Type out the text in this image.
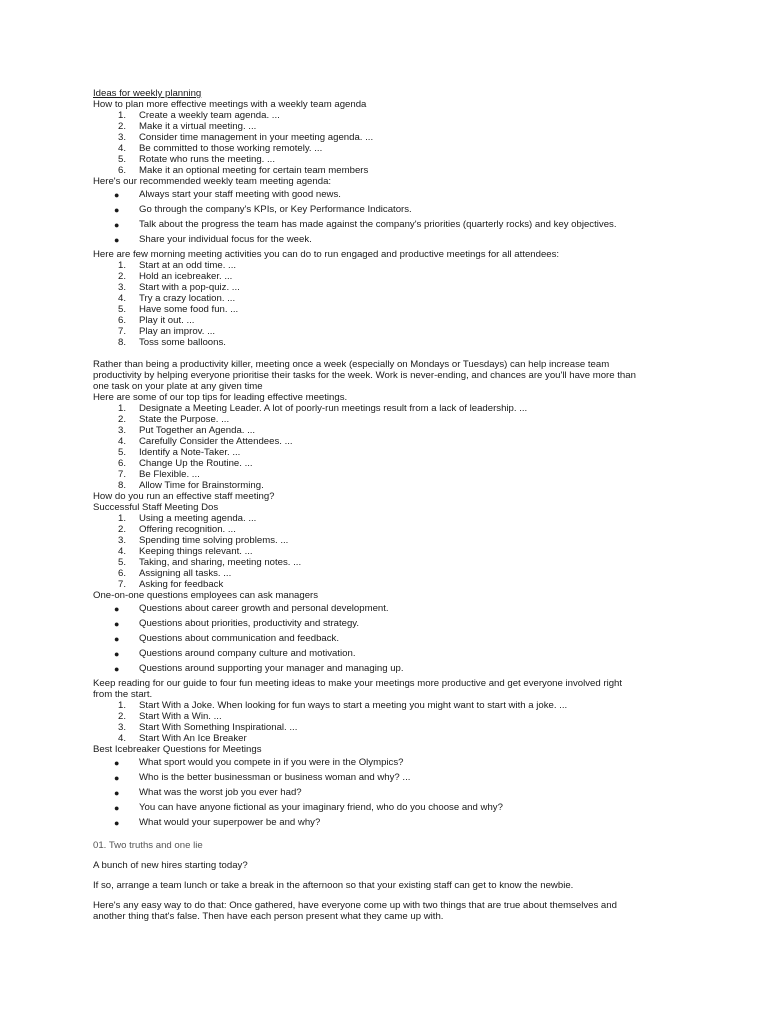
Ideas for weekly planning
How to plan more effective meetings with a weekly team agenda
1. Create a weekly team agenda. ...
2. Make it a virtual meeting. ...
3. Consider time management in your meeting agenda. ...
4. Be committed to those working remotely. ...
5. Rotate who runs the meeting. ...
6. Make it an optional meeting for certain team members
Here's our recommended weekly team meeting agenda:
● Always start your staff meeting with good news.
● Go through the company's KPIs, or Key Performance Indicators.
● Talk about the progress the team has made against the company's priorities (quarterly rocks) and key objectives.
● Share your individual focus for the week.
Here are few morning meeting activities you can do to run engaged and productive meetings for all attendees:
1. Start at an odd time. ...
2. Hold an icebreaker. ...
3. Start with a pop-quiz. ...
4. Try a crazy location. ...
5. Have some food fun. ...
6. Play it out. ...
7. Play an improv. ...
8. Toss some balloons.
Rather than being a productivity killer, meeting once a week (especially on Mondays or Tuesdays) can help increase team productivity by helping everyone prioritise their tasks for the week. Work is never-ending, and chances are you'll have more than one task on your plate at any given time
Here are some of our top tips for leading effective meetings.
1. Designate a Meeting Leader. A lot of poorly-run meetings result from a lack of leadership. ...
2. State the Purpose. ...
3. Put Together an Agenda. ...
4. Carefully Consider the Attendees. ...
5. Identify a Note-Taker. ...
6. Change Up the Routine. ...
7. Be Flexible. ...
8. Allow Time for Brainstorming.
How do you run an effective staff meeting?
Successful Staff Meeting Dos
1. Using a meeting agenda. ...
2. Offering recognition. ...
3. Spending time solving problems. ...
4. Keeping things relevant. ...
5. Taking, and sharing, meeting notes. ...
6. Assigning all tasks. ...
7. Asking for feedback
One-on-one questions employees can ask managers
● Questions about career growth and personal development.
● Questions about priorities, productivity and strategy.
● Questions about communication and feedback.
● Questions around company culture and motivation.
● Questions around supporting your manager and managing up.
Keep reading for our guide to four fun meeting ideas to make your meetings more productive and get everyone involved right from the start.
1. Start With a Joke. When looking for fun ways to start a meeting you might want to start with a joke. ...
2. Start With a Win. ...
3. Start With Something Inspirational. ...
4. Start With An Ice Breaker
Best Icebreaker Questions for Meetings
● What sport would you compete in if you were in the Olympics?
● Who is the better businessman or business woman and why? ...
● What was the worst job you ever had?
● You can have anyone fictional as your imaginary friend, who do you choose and why?
● What would your superpower be and why?
01. Two truths and one lie
A bunch of new hires starting today?
If so, arrange a team lunch or take a break in the afternoon so that your existing staff can get to know the newbie.
Here's any easy way to do that: Once gathered, have everyone come up with two things that are true about themselves and another thing that's false. Then have each person present what they came up with.
